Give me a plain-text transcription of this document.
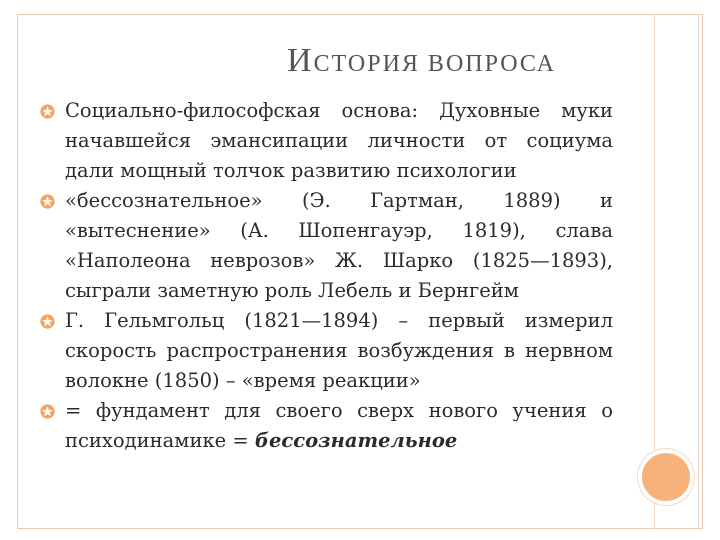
ИСТОРИЯ ВОПРОСА
Социально-философская основа: Духовные муки начавшейся эмансипации личности от социума дали мощный толчок развитию психологии
«бессознательное» (Э. Гартман, 1889) и «вытеснение» (А. Шопенгауэр, 1819), слава «Наполеона неврозов» Ж. Шарко (1825—1893), сыграли заметную роль Лебель и Бернгейм
Г. Гельмгольц (1821—1894) – первый измерил скорость распространения возбуждения в нервном волокне (1850) – «время реакции»
= фундамент для своего сверх нового учения о психодинамике = бессознательное
